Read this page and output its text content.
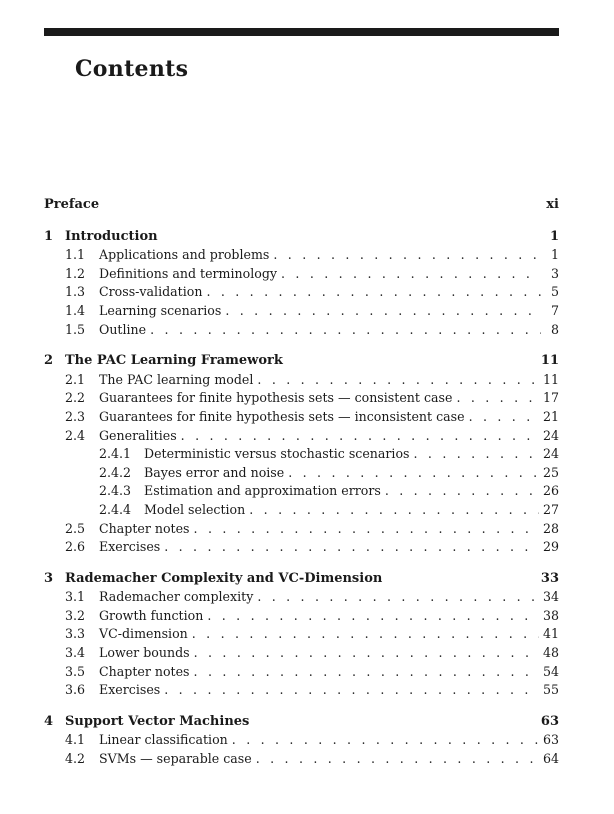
Contents
Preface	xi
1 Introduction	1
1.1	Applications and problems . . .	1
1.2	Definitions and terminology . . .	3
1.3	Cross-validation . . .	5
1.4	Learning scenarios . . .	7
1.5	Outline . . .	8
2 The PAC Learning Framework	11
2.1	The PAC learning model . . .	11
2.2	Guarantees for finite hypothesis sets — consistent case . . .	17
2.3	Guarantees for finite hypothesis sets — inconsistent case . . .	21
2.4	Generalities . . .	24
2.4.1	Deterministic versus stochastic scenarios . . .	24
2.4.2	Bayes error and noise . . .	25
2.4.3	Estimation and approximation errors . . .	26
2.4.4	Model selection . . .	27
2.5	Chapter notes . . .	28
2.6	Exercises . . .	29
3 Rademacher Complexity and VC-Dimension	33
3.1	Rademacher complexity . . .	34
3.2	Growth function . . .	38
3.3	VC-dimension . . .	41
3.4	Lower bounds . . .	48
3.5	Chapter notes . . .	54
3.6	Exercises . . .	55
4 Support Vector Machines	63
4.1	Linear classification . . .	63
4.2	SVMs — separable case . . .	64
